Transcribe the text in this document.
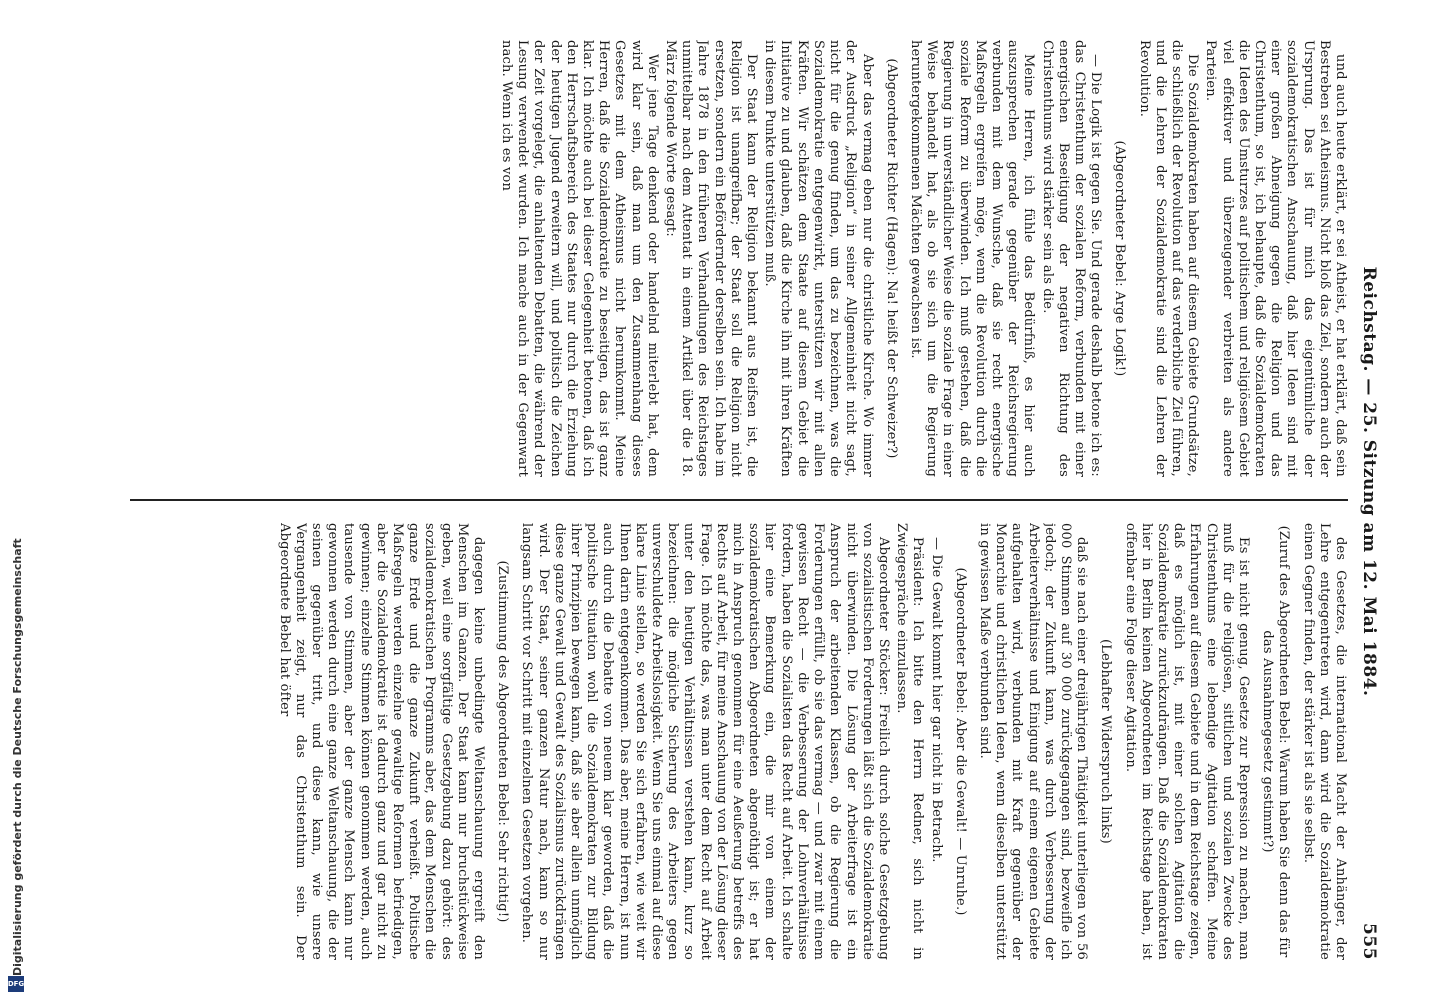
Digitalisierung gefördert durch die Deutsche Forschungsgemeinschaft
DFG
Reichstag. — 25. Sitzung am 12. Mai 1884.
555

und auch heute erklärt, er sei Atheist, er hat erklärt, daß sein Bestreben sei Atheismus. Nicht bloß das Ziel, sondern auch der Ursprung. Das ist für mich das eigentümliche der sozialdemokratischen Anschauung, daß hier Ideen sind mit einer großen Abneigung gegen die Religion und das Christenthum, so ist, ich behaupte, daß die Sozialdemokraten die Ideen des Umsturzes auf politischem und religiösem Gebiet viel effektiver und überzeugender verbreiten als andere Parteien.

Die Sozialdemokraten haben auf diesem Gebiete Grundsätze, die schließlich der Revolution auf das verderbliche Ziel führen, und die Lehren der Sozialdemokratie sind die Lehren der Revolution.

(Abgeordneter Bebel: Arge Logik!)

— Die Logik ist gegen Sie. Und gerade deshalb betone ich es: das Christenthum der sozialen Reform, verbunden mit einer energischen Beseitigung der negativen Richtung des Christenthums wird stärker sein als die.

Meine Herren, ich fühle das Bedürfniß, es hier auch auszusprechen gerade gegenüber der Reichsregierung verbunden mit dem Wunsche, daß sie recht energische Maßregeln ergreifen möge, wenn die Revolution durch die soziale Reform zu überwinden. Ich muß gestehen, daß die Regierung in unverständlicher Weise die soziale Frage in einer Weise behandelt hat, als ob sie sich um die Regierung heruntergekommenen Mächten gewachsen ist.

(Abgeordneter Richter (Hagen): Na! heißt der Schweizer?)

Aber das vermag eben nur die christliche Kirche. Wo immer der Ausdruck „Religion“ in seiner Allgemeinheit nicht sagt, nicht für die genug finden, um das zu bezeichnen, was die Sozialdemokratie entgegenwirkt, unterstützen wir mit allen Kräften. Wir schätzen dem Staate auf diesem Gebiet die Initiative zu und glauben, daß die Kirche ihn mit ihren Kräften in diesem Punkte unterstützen muß.

Der Staat kann der Religion bekannt aus Reifsen ist, die Religion ist unangreifbar; der Staat soll die Religion nicht ersetzen, sondern ein Befördernder derselben sein. Ich habe im Jahre 1878 in den früheren Verhandlungen des Reichstages unmittelbar nach dem Attentat in einem Artikel über die 18. März folgende Worte gesagt:

Wer jene Tage denkend oder handelnd miterlebt hat, dem wird klar sein, daß man um den Zusammenhang dieses Gesetzes mit dem Atheismus nicht herumkommt. Meine Herren, daß die Sozialdemokratie zu beseitigen, das ist ganz klar. Ich möchte auch bei dieser Gelegenheit betonen, daß ich den Herrschaftsbereich des Staates nur durch die Erziehung der heutigen Jugend erweitern will, und politisch die Zeichen der Zeit vorgelegt, die anhaltenden Debatten, die während der Lesung verwendet wurden. Ich mache auch in der Gegenwart nach. Wenn ich es von

des Gesetzes, die international Macht der Anhänger, der Lehre entgegentreten wird, dann wird die Sozialdemokratie einen Gegner finden, der stärker ist als sie selbst.

(Zuruf des Abgeordneten Bebel: Warum haben Sie denn das für das Ausnahmegesetz gestimmt?)

Es ist nicht genug, Gesetze zur Repression zu machen, man muß für die religiösen, sittlichen und sozialen Zwecke des Christenthums eine lebendige Agitation schaffen. Meine Erfahrungen auf diesem Gebiete und in dem Reichstage zeigen, daß es möglich ist, mit einer solchen Agitation die Sozialdemokratie zurückzudrängen. Daß die Sozialdemokraten hier in Berlin keinen Abgeordneten im Reichstage haben, ist offenbar eine Folge dieser Agitation.

(Lebhafter Widerspruch links)

daß sie nach einer dreijährigen Thätigkeit unterliegen von 56 000 Stimmen auf 30 000 zurückgegangen sind, bezweifle ich jedoch; der Zukunft kann, was durch Verbesserung der Arbeiterverhältnisse und Einigung auf einem eigenen Gebiete aufgehalten wird, verbunden mit Kraft gegenüber der Monarchie und christlichen Ideen, wenn dieselben unterstützt in gewissen Maße verbunden sind.

(Abgeordneter Bebel: Aber die Gewalt! — Unruhe.)

— Die Gewalt kommt hier gar nicht in Betracht.

Präsident: Ich bitte den Herrn Redner, sich nicht in Zwiegespräche einzulassen.

Abgeordneter Stöcker: Freilich durch solche Gesetzgebung von sozialistischen Forderungen läßt sich die Sozialdemokratie nicht überwinden. Die Lösung der Arbeiterfrage ist ein Anspruch der arbeitenden Klassen, ob die Regierung die Forderungen erfüllt, ob sie das vermag — und zwar mit einem gewissen Recht — die Verbesserung der Lohnverhältnisse fordern, haben die Sozialisten das Recht auf Arbeit. Ich schalte hier eine Bemerkung ein, die mir von einem der sozialdemokratischen Abgeordneten abgenöthigt ist; er hat mich in Anspruch genommen für eine Aeußerung betreffs des Rechts auf Arbeit, für meine Anschauung von der Lösung dieser Frage. Ich möchte das, was man unter dem Recht auf Arbeit unter den heutigen Verhältnissen verstehen kann, kurz so bezeichnen: die mögliche Sicherung des Arbeiters gegen unverschuldete Arbeitslosigkeit. Wenn Sie uns einmal auf diese klare Linie stellen, so werden Sie sich erfahren, wie weit wir Ihnen darin entgegenkommen. Das aber, meine Herren, ist nun auch durch die Debatte von neuem klar geworden, daß die politische Situation wohl die Sozialdemokraten zur Bildung ihrer Prinzipien bewegen kann, daß sie aber allein unmöglich diese ganze Gewalt und Gewalt des Sozialismus zurückdrängen wird. Der Staat, seiner ganzen Natur nach, kann so nur langsam Schritt vor Schritt mit einzelnen Gesetzen vorgehen.

(Zustimmung des Abgeordneten Bebel: Sehr richtig!)

dagegen keine unbedingte Weltanschauung ergreift den Menschen im Ganzen. Der Staat kann nur bruchstückweise geben, weil eine sorgfältige Gesetzgebung dazu gehört: des sozialdemokratischen Programms aber, das dem Menschen die ganze Erde und die ganze Zukunft verheißt. Politische Maßregeln werden einzelne gewaltige Reformen befriedigen, aber die Sozialdemokratie ist dadurch ganz und gar nicht zu gewinnen; einzelne Stimmen können genommen werden, auch tausende von Stimmen, aber der ganze Mensch kann nur gewonnen werden durch eine ganze Weltanschauung, die der seinen gegenüber tritt, und diese kann, wie unsere Vergangenheit zeigt, nur das Christenthum sein. Der Abgeordnete Bebel hat öfter
